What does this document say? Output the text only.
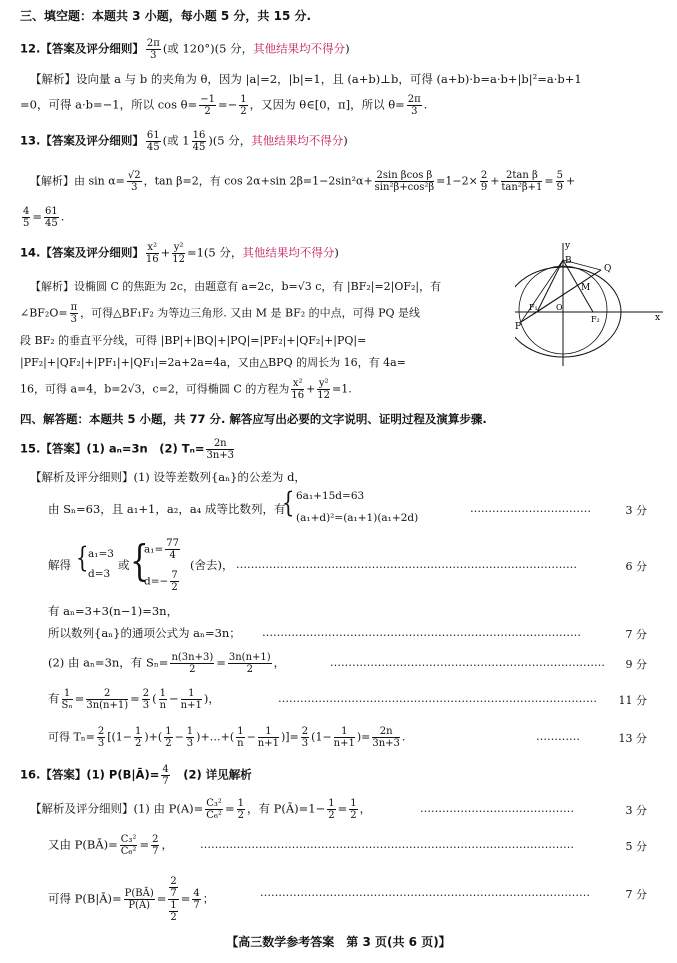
三、填空题：本题共 3 小题，每小题 5 分，共 15 分.
12.【答案及评分细则】 $\frac{2\pi}{3}$ (或 120°)(5 分，其他结果均不得分)
【解析】设向量 a 与 b 的夹角为 θ，因为 |a|=2，|b|=1，且 (a+b)⊥b，可得 (a+b)·b=a·b+|b|²=a·b+1
=0，可得 a·b=−1，所以 $\cos \theta= \frac{-1}{2} =- \frac{1}{2}$ ，又因为 θ∈[0，π]，所以 $\theta= \frac{2\pi}{3}$ .
13.【答案及评分细则】 $\frac{61}{45}$ (或 $1 \frac{16}{45} )(5$ 分，其他结果均不得分)
【解析】由 $\sin \alpha= \frac{√2}{3}$ ，tan β=2，有 cos 2α+sin $2\beta=1-2\sin^2\alpha+ \frac{\text{2sin βcos β}}{\text{sin²β+cos²β}} =1-2\times \frac{2}{9} + \frac{\text{2tan β}}{\text{tan²β+1}} = \frac{5}{9}$ +
$\frac{4}{5} = \frac{61}{45}$ .
14.【答案及评分细则】 $\frac{\text{x²}}{16} + \frac{\text{y²}}{12} =1(5$ 分，其他结果均不得分)
【解析】设椭圆 C 的焦距为 2c，由题意有 a=2c，b=√3 c，有 |BF₂|=2|OF₂|，有
∠BF₂O= $\frac{\pi}{3}$ ，可得△BF₁F₂ 为等边三角形. 又由 M 是 BF₂ 的中点，可得 PQ 是线
段 BF₂ 的垂直平分线，可得 |BP|+|BQ|+|PQ|=|PF₂|+|QF₂|+|PQ|=
|PF₂|+|QF₂|+|PF₁|+|QF₁|=2a+2a=4a，又由△BPQ 的周长为 16，有 4a=
16，可得 a=4，b=2√3，c=2，可得椭圆 C 的方程为 $\frac{\text{x²}}{16} + \frac{\text{y²}}{12} =1$.
y
B
Q
M
P
F₁ O
F₂	x
四、解答题：本题共 5 小题，共 77 分. 解答应写出必要的文字说明、证明过程及演算步骤.
15.【答案】(1) aₙ=3n　(2) $T_n= \frac{2n}{3n+3}$
【解析及评分细则】(1) 设等差数列{aₙ}的公差为 d，
由 Sₙ=63，且 a₁+1，a₂，a₄ 成等比数列，有
{ 6a₁+15d=63
(a₁+d)²=(a₁+1)(a₁+2d)
……………………………	3 分
解得 { a₁=3
d=3
或 {
$a_1= \frac{77}{4}$
$d=- \frac{7}{2}$
(舍去)， …………………………………………………………………………………	6 分
有 aₙ=3+3(n−1)=3n，
所以数列{aₙ}的通项公式为 aₙ=3n； ……………………………………………………………………………	7 分
(2) 由 aₙ=3n，有 $S_n= \frac{n(3n+3)}{2} = \frac{3n(n+1)}{2}$ ，	………………………………………………………………… 9 分
有 $\frac{1}{\text{Sₙ}} = \frac{2}{3n(n+1)} = \frac{2}{3}$ ( $\frac{1}{n} - \frac{1}{n+1}$ )，	…………………………………………………………………………… 11 分
可得 $T_n= \frac{2}{3} [(1- \frac{1}{2}$ )+( $\frac{1}{2} - \frac{1}{3}$ )+…+( $\frac{1}{n} - \frac{1}{n+1}$ )]= $\frac{2}{3} (1- \frac{1}{n+1}$ )= $\frac{2n}{3n+3}$ .	…………	13 分
16.【答案】(1) P(B|Ā)= $\frac{4}{7}$
　 (2) 详见解析
【解析及评分细则】(1) 由 $P(A)= \frac{\text{C₃²}}{\text{C₆²}} = \frac{1}{2}$ ，有 P(Ā)=1− $\frac{1}{2} = \frac{1}{2}$ ，	……………………………………	3 分
又由 P(BĀ)= $\frac{\text{C₃²}}{\text{C₆²}} = \frac{2}{7}$ ， …………………………………………………………………………………………	5 分
可得 P(B|Ā)= $\frac{P(BĀ)}{P(Ā)} = \frac{\frac{2}{7}}{\frac{1}{2}} = \frac{4}{7}$ ；	………………………………………………………………………………	7 分
【高三数学参考答案　第 3 页(共 6 页)】
